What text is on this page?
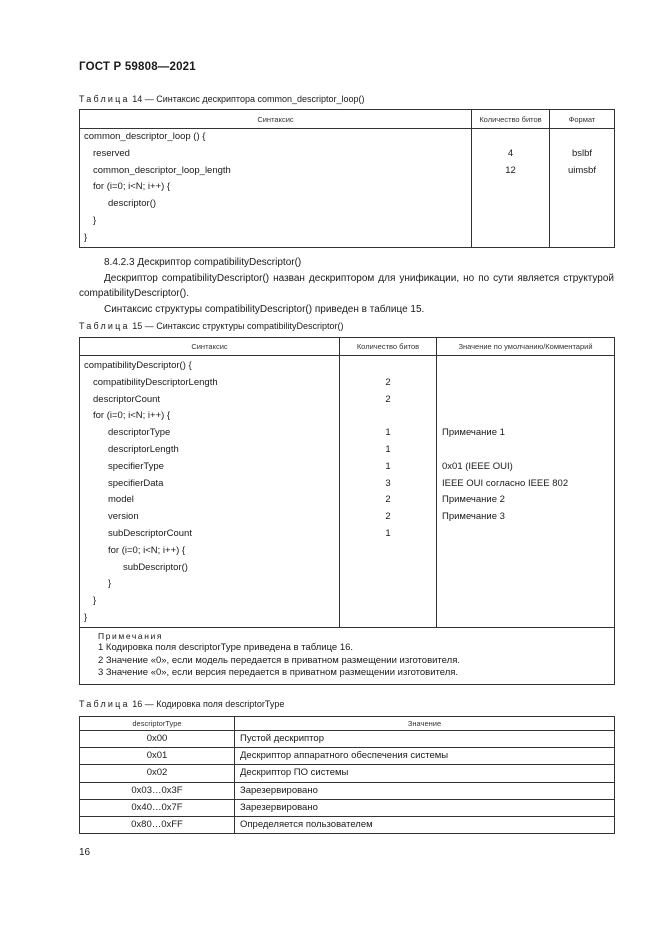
ГОСТ Р 59808—2021
Таблица 14 — Синтаксис дескриптора common_descriptor_loop()
Синтаксис	Количество битов	Формат
common_descriptor_loop () {		
reserved	4	bslbf
common_descriptor_loop_length	12	uimsbf
for (i=0; i<N; i++) {		
descriptor()		
}		
}		
8.4.2.3 Дескриптор compatibilityDescriptor()
Дескриптор compatibilityDescriptor() назван дескриптором для унификации, но по сути является структурой compatibilityDescriptor().
Синтаксис структуры compatibilityDescriptor() приведен в таблице 15.
Таблица 15 — Синтаксис структуры compatibilityDescriptor()
Синтаксис	Количество битов	Значение по умолчанию/Комментарий
compatibilityDescriptor() {		
compatibilityDescriptorLength	2	
descriptorCount	2	
for (i=0; i<N; i++) {		
descriptorType	1	Примечание 1
descriptorLength	1	
specifierType	1	0x01 (IEEE OUI)
specifierData	3	IEEE OUI согласно IEEE 802
model	2	Примечание 2
version	2	Примечание 3
subDescriptorCount	1	
for (i=0; i<N; i++) {		
subDescriptor()		
}		
}		
}		

Примечания
1 Кодировка поля descriptorType приведена в таблице 16.
2 Значение «0», если модель передается в приватном размещении изготовителя.
3 Значение «0», если версия передается в приватном размещении изготовителя.		
Таблица 16 — Кодировка поля descriptorType
descriptorType	Значение
0x00	Пустой дескриптор
0x01	Дескриптор аппаратного обеспечения системы
0x02	Дескриптор ПО системы
0x03…0x3F	Зарезервировано
0x40…0x7F	Зарезервировано
0x80…0xFF	Определяется пользователем
16
